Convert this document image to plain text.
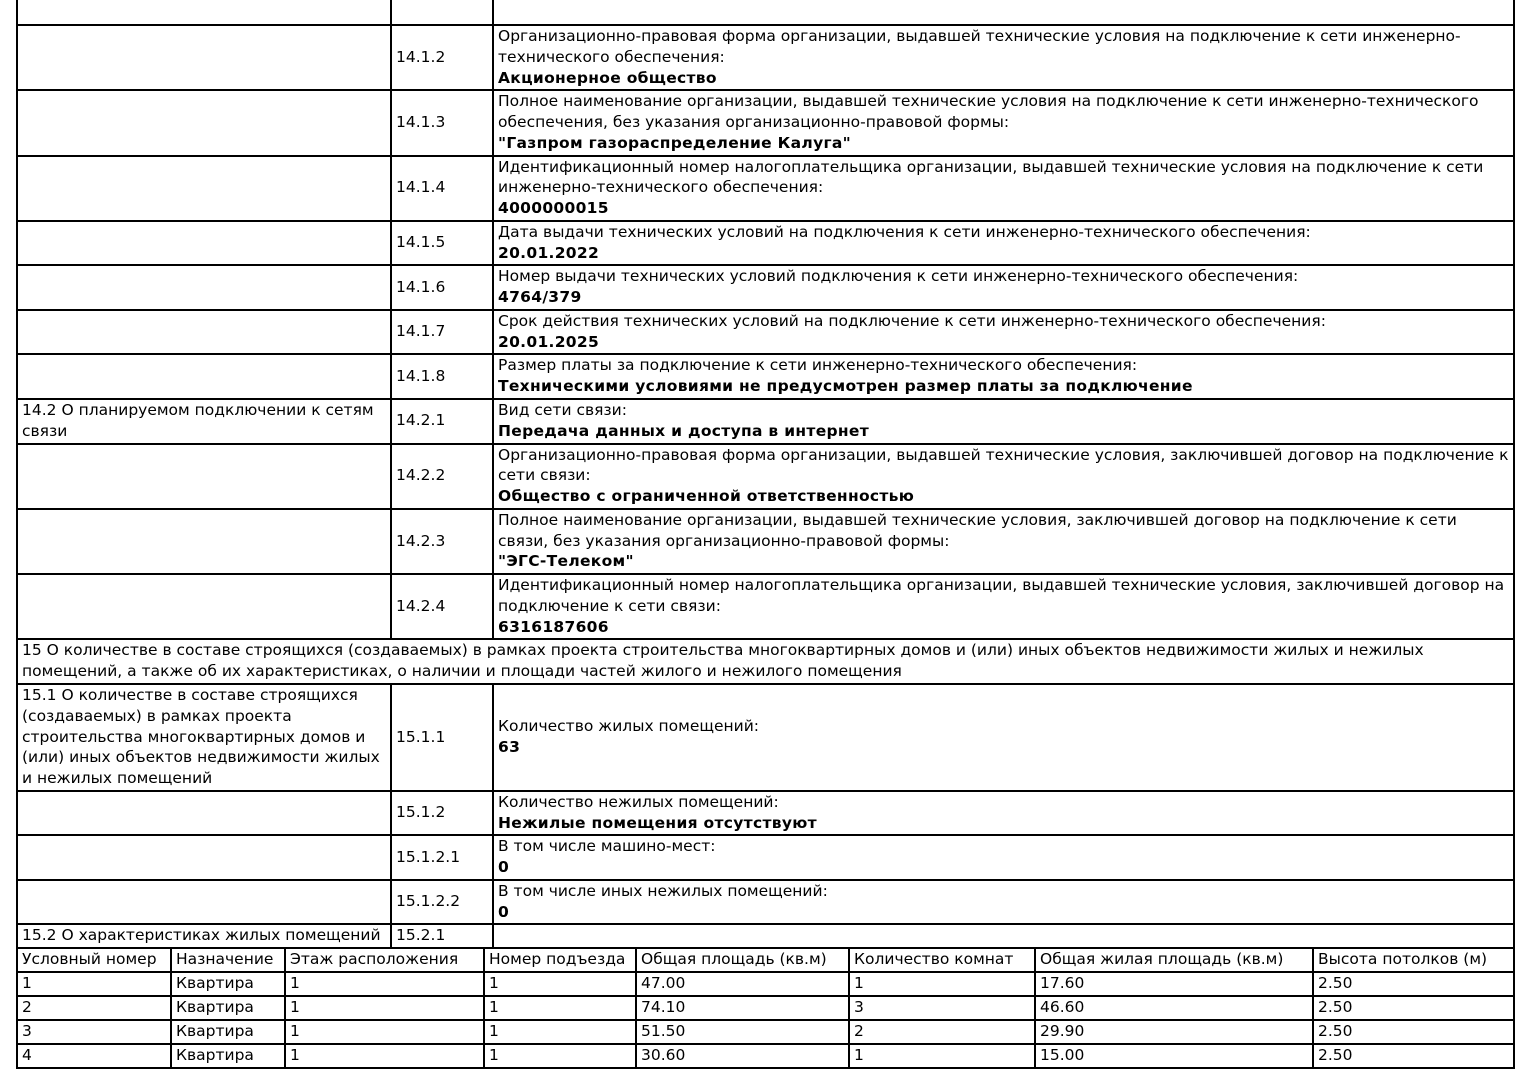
	14.1.2	Организационно-правовая форма организации, выдавшей технические условия на подключение к сети инженерно-технического обеспечения:
Акционерное общество

	14.1.3	Полное наименование организации, выдавшей технические условия на подключение к сети инженерно-технического обеспечения, без указания организационно-правовой формы:
"Газпром газораспределение Калуга"

	14.1.4	Идентификационный номер налогоплательщика организации, выдавшей технические условия на подключение к сети инженерно-технического обеспечения:
4000000015

	14.1.5	Дата выдачи технических условий на подключения к сети инженерно-технического обеспечения:
20.01.2022

	14.1.6	Номер выдачи технических условий подключения к сети инженерно-технического обеспечения:
4764/379

	14.1.7	Срок действия технических условий на подключение к сети инженерно-технического обеспечения:
20.01.2025

	14.1.8	Размер платы за подключение к сети инженерно-технического обеспечения:
Техническими условиями не предусмотрен размер платы за подключение

14.2 О планируемом подключении к сетям связи	14.2.1	Вид сети связи:
Передача данных и доступа в интернет

	14.2.2	Организационно-правовая форма организации, выдавшей технические условия, заключившей договор на подключение к сети связи:
Общество с ограниченной ответственностью

	14.2.3	Полное наименование организации, выдавшей технические условия, заключившей договор на подключение к сети связи, без указания организационно-правовой формы:
"ЭГС-Телеком"

	14.2.4	Идентификационный номер налогоплательщика организации, выдавшей технические условия, заключившей договор на подключение к сети связи:
6316187606

15 О количестве в составе строящихся (создаваемых) в рамках проекта строительства многоквартирных домов и (или) иных объектов недвижимости жилых и нежилых помещений, а также об их характеристиках, о наличии и площади частей жилого и нежилого помещения		
15.1 О количестве в составе строящихся (создаваемых) в рамках проекта строительства многоквартирных домов и (или) иных объектов недвижимости жилых и нежилых помещений	15.1.1	Количество жилых помещений:
63

	15.1.2	Количество нежилых помещений:
Нежилые помещения отсутствуют

	15.1.2.1	В том числе машино-мест:
0

	15.1.2.2	В том числе иных нежилых помещений:
0

15.2 О характеристиках жилых помещений	15.2.1	
Условный номер	Назначение	Этаж расположения	Номер подъезда	Общая площадь (кв.м)	Количество комнат	Общая жилая площадь (кв.м)	Высота потолков (м)
1	Квартира	1	1	47.00	1	17.60	2.50
2	Квартира	1	1	74.10	3	46.60	2.50
3	Квартира	1	1	51.50	2	29.90	2.50
4	Квартира	1	1	30.60	1	15.00	2.50
